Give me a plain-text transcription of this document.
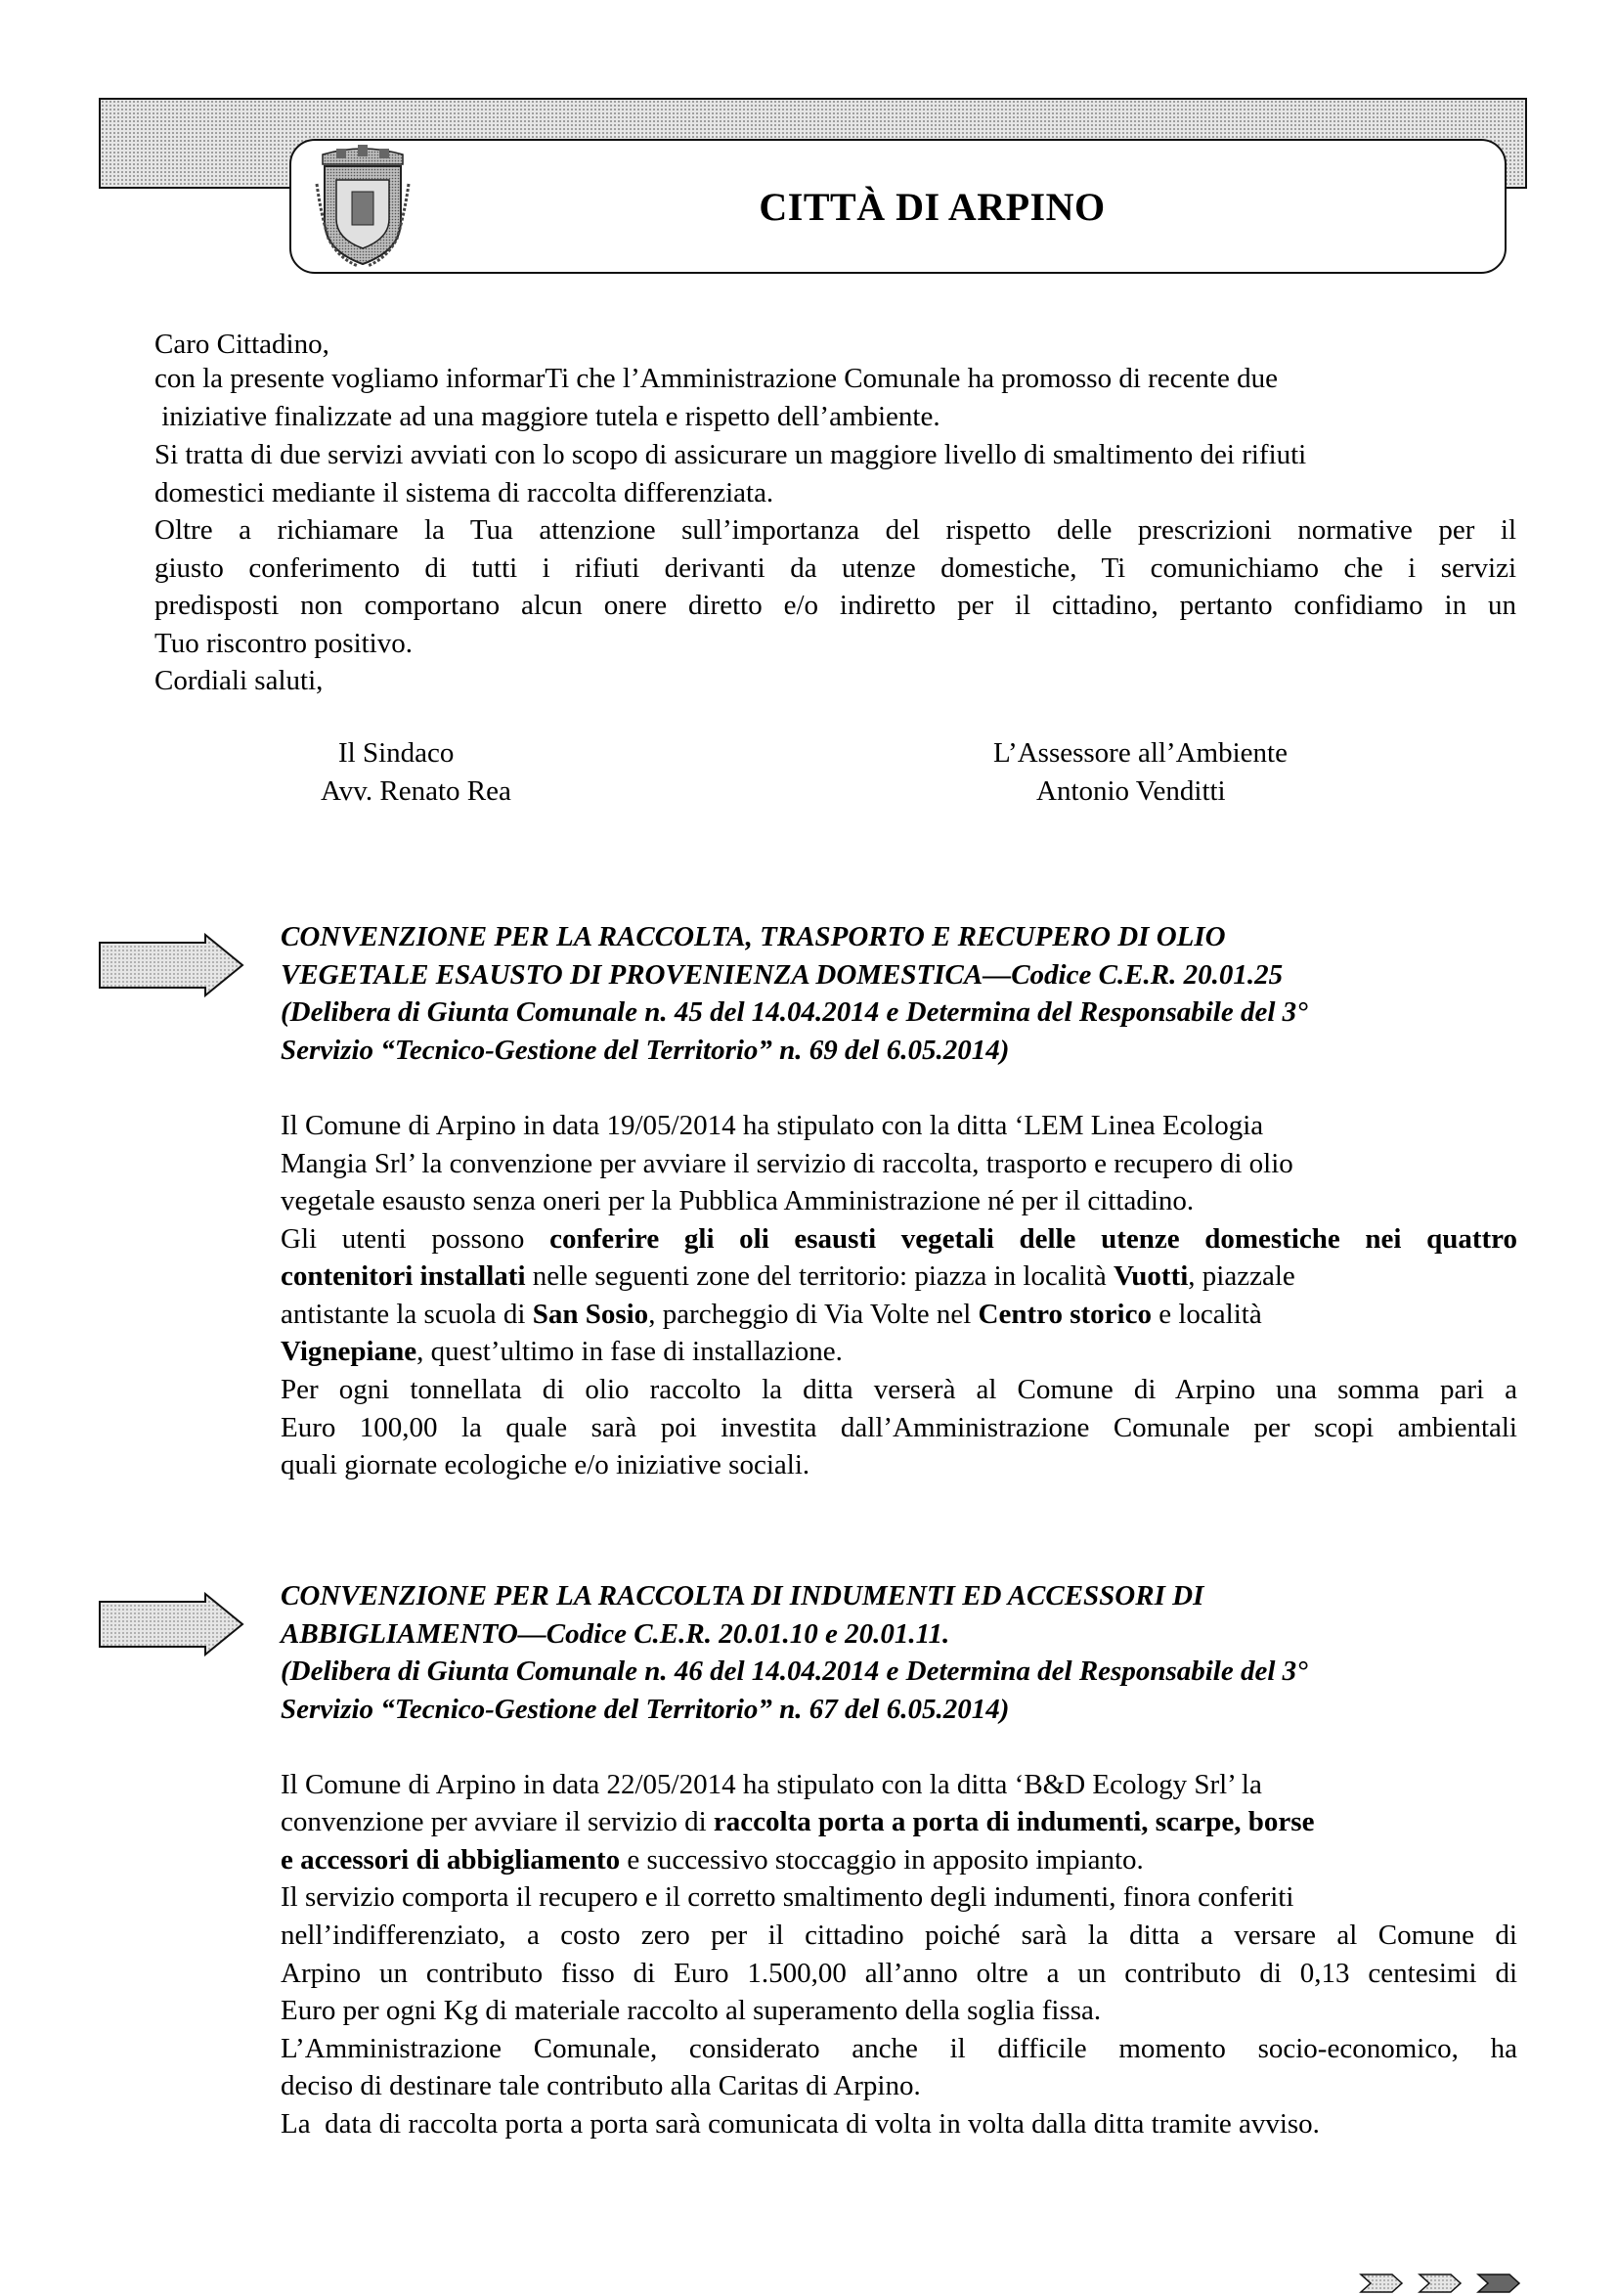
CITTÀ DI ARPINO
Caro Cittadino,
con la presente vogliamo informarTi che l’Amministrazione Comunale ha promosso di recente due
iniziative finalizzate ad una maggiore tutela e rispetto dell’ambiente.
Si tratta di due servizi avviati con lo scopo di assicurare un maggiore livello di smaltimento dei rifiuti
domestici mediante il sistema di raccolta differenziata.
Oltre a richiamare la Tua attenzione sull’importanza del rispetto delle prescrizioni normative per il
giusto conferimento di tutti i rifiuti derivanti da utenze domestiche, Ti comunichiamo che i servizi
predisposti non comportano alcun onere diretto e/o indiretto per il cittadino, pertanto confidiamo in un
Tuo riscontro positivo.
Cordiali saluti,
Il Sindaco
Avv. Renato Rea
L’Assessore all’Ambiente
Antonio Venditti
CONVENZIONE PER LA RACCOLTA, TRASPORTO E RECUPERO DI OLIO
VEGETALE ESAUSTO DI PROVENIENZA DOMESTICA—Codice C.E.R. 20.01.25
(Delibera di Giunta Comunale n. 45 del 14.04.2014 e Determina del Responsabile del 3°
Servizio “Tecnico-Gestione del Territorio” n. 69 del 6.05.2014)
Il Comune di Arpino in data 19/05/2014 ha stipulato con la ditta ‘LEM Linea Ecologia
Mangia Srl’ la convenzione per avviare il servizio di raccolta, trasporto e recupero di olio
vegetale esausto senza oneri per la Pubblica Amministrazione né per il cittadino.
Gli utenti possono conferire gli oli esausti vegetali delle utenze domestiche nei quattro
contenitori installati nelle seguenti zone del territorio: piazza in località Vuotti, piazzale
antistante la scuola di San Sosio, parcheggio di Via Volte nel Centro storico e località
Vignepiane, quest’ultimo in fase di installazione.
Per ogni tonnellata di olio raccolto la ditta verserà al Comune di Arpino una somma pari a
Euro 100,00 la quale sarà poi investita dall’Amministrazione Comunale per scopi ambientali
quali giornate ecologiche e/o iniziative sociali.
CONVENZIONE PER LA RACCOLTA DI INDUMENTI ED ACCESSORI DI
ABBIGLIAMENTO—Codice C.E.R. 20.01.10 e 20.01.11.
(Delibera di Giunta Comunale n. 46 del 14.04.2014 e Determina del Responsabile del 3°
Servizio “Tecnico-Gestione del Territorio” n. 67 del 6.05.2014)
Il Comune di Arpino in data 22/05/2014 ha stipulato con la ditta ‘B&D Ecology Srl’ la
convenzione per avviare il servizio di raccolta porta a porta di indumenti, scarpe, borse
e accessori di abbigliamento e successivo stoccaggio in apposito impianto.
Il servizio comporta il recupero e il corretto smaltimento degli indumenti, finora conferiti
nell’indifferenziato, a costo zero per il cittadino poiché sarà la ditta a versare al Comune di
Arpino un contributo fisso di Euro 1.500,00 all’anno oltre a un contributo di 0,13 centesimi di
Euro per ogni Kg di materiale raccolto al superamento della soglia fissa.
L’Amministrazione Comunale, considerato anche il difficile momento socio-economico, ha
deciso di destinare tale contributo alla Caritas di Arpino.
La  data di raccolta porta a porta sarà comunicata di volta in volta dalla ditta tramite avviso.
